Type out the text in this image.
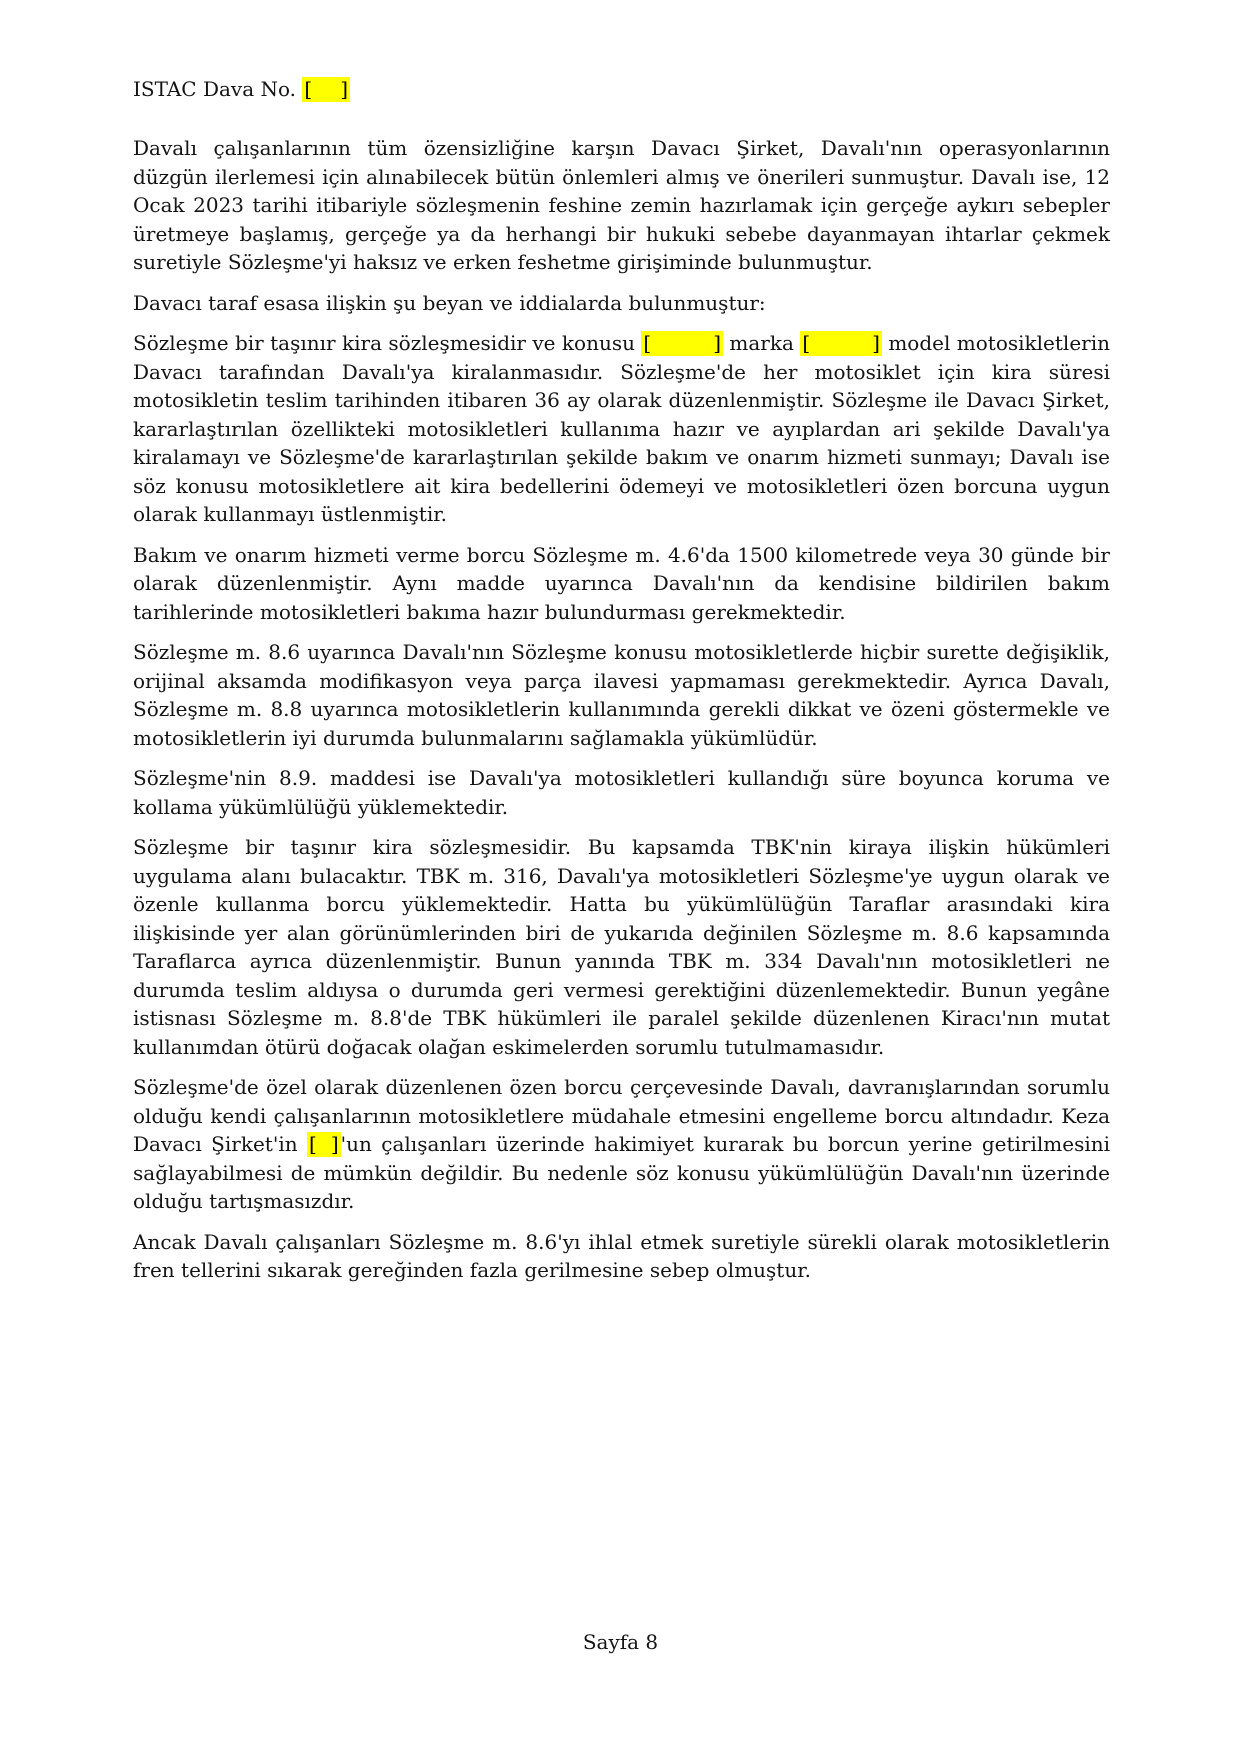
ISTAC Dava No. [ ]

Davalı çalışanlarının tüm özensizliğine karşın Davacı Şirket, Davalı'nın operasyonlarının düzgün ilerlemesi için alınabilecek bütün önlemleri almış ve önerileri sunmuştur. Davalı ise, 12 Ocak 2023 tarihi itibariyle sözleşmenin feshine zemin hazırlamak için gerçeğe aykırı sebepler üretmeye başlamış, gerçeğe ya da herhangi bir hukuki sebebe dayanmayan ihtarlar çekmek suretiyle Sözleşme'yi haksız ve erken feshetme girişiminde bulunmuştur.

Davacı taraf esasa ilişkin şu beyan ve iddialarda bulunmuştur:

Sözleşme bir taşınır kira sözleşmesidir ve konusu [	] marka [	] model motosikletlerin Davacı tarafından Davalı'ya kiralanmasıdır. Sözleşme'de her motosiklet için kira süresi motosikletin teslim tarihinden itibaren 36 ay olarak düzenlenmiştir. Sözleşme ile Davacı Şirket, kararlaştırılan özellikteki motosikletleri kullanıma hazır ve ayıplardan ari şekilde Davalı'ya kiralamayı ve Sözleşme'de kararlaştırılan şekilde bakım ve onarım hizmeti sunmayı; Davalı ise söz konusu motosikletlere ait kira bedellerini ödemeyi ve motosikletleri özen borcuna uygun olarak kullanmayı üstlenmiştir.

Bakım ve onarım hizmeti verme borcu Sözleşme m. 4.6'da 1500 kilometrede veya 30 günde bir olarak düzenlenmiştir. Aynı madde uyarınca Davalı'nın da kendisine bildirilen bakım tarihlerinde motosikletleri bakıma hazır bulundurması gerekmektedir.

Sözleşme m. 8.6 uyarınca Davalı'nın Sözleşme konusu motosikletlerde hiçbir surette değişiklik, orijinal aksamda modifikasyon veya parça ilavesi yapmaması gerekmektedir. Ayrıca Davalı, Sözleşme m. 8.8 uyarınca motosikletlerin kullanımında gerekli dikkat ve özeni göstermekle ve motosikletlerin iyi durumda bulunmalarını sağlamakla yükümlüdür.

Sözleşme'nin 8.9. maddesi ise Davalı'ya motosikletleri kullandığı süre boyunca koruma ve kollama yükümlülüğü yüklemektedir.

Sözleşme bir taşınır kira sözleşmesidir. Bu kapsamda TBK'nin kiraya ilişkin hükümleri uygulama alanı bulacaktır. TBK m. 316, Davalı'ya motosikletleri Sözleşme'ye uygun olarak ve özenle kullanma borcu yüklemektedir. Hatta bu yükümlülüğün Taraflar arasındaki kira ilişkisinde yer alan görünümlerinden biri de yukarıda değinilen Sözleşme m. 8.6 kapsamında Taraflarca ayrıca düzenlenmiştir. Bunun yanında TBK m. 334 Davalı'nın motosikletleri ne durumda teslim aldıysa o durumda geri vermesi gerektiğini düzenlemektedir. Bunun yegâne istisnası Sözleşme m. 8.8'de TBK hükümleri ile paralel şekilde düzenlenen Kiracı'nın mutat kullanımdan ötürü doğacak olağan eskimelerden sorumlu tutulmamasıdır.

Sözleşme'de özel olarak düzenlenen özen borcu çerçevesinde Davalı, davranışlarından sorumlu olduğu kendi çalışanlarının motosikletlere müdahale etmesini engelleme borcu altındadır. Keza Davacı Şirket'in [ ] 'un çalışanları üzerinde hakimiyet kurarak bu borcun yerine getirilmesini sağlayabilmesi de mümkün değildir. Bu nedenle söz konusu yükümlülüğün Davalı'nın üzerinde olduğu tartışmasızdır.

Ancak Davalı çalışanları Sözleşme m. 8.6'yı ihlal etmek suretiyle sürekli olarak motosikletlerin fren tellerini sıkarak gereğinden fazla gerilmesine sebep olmuştur.

Sayfa 8
